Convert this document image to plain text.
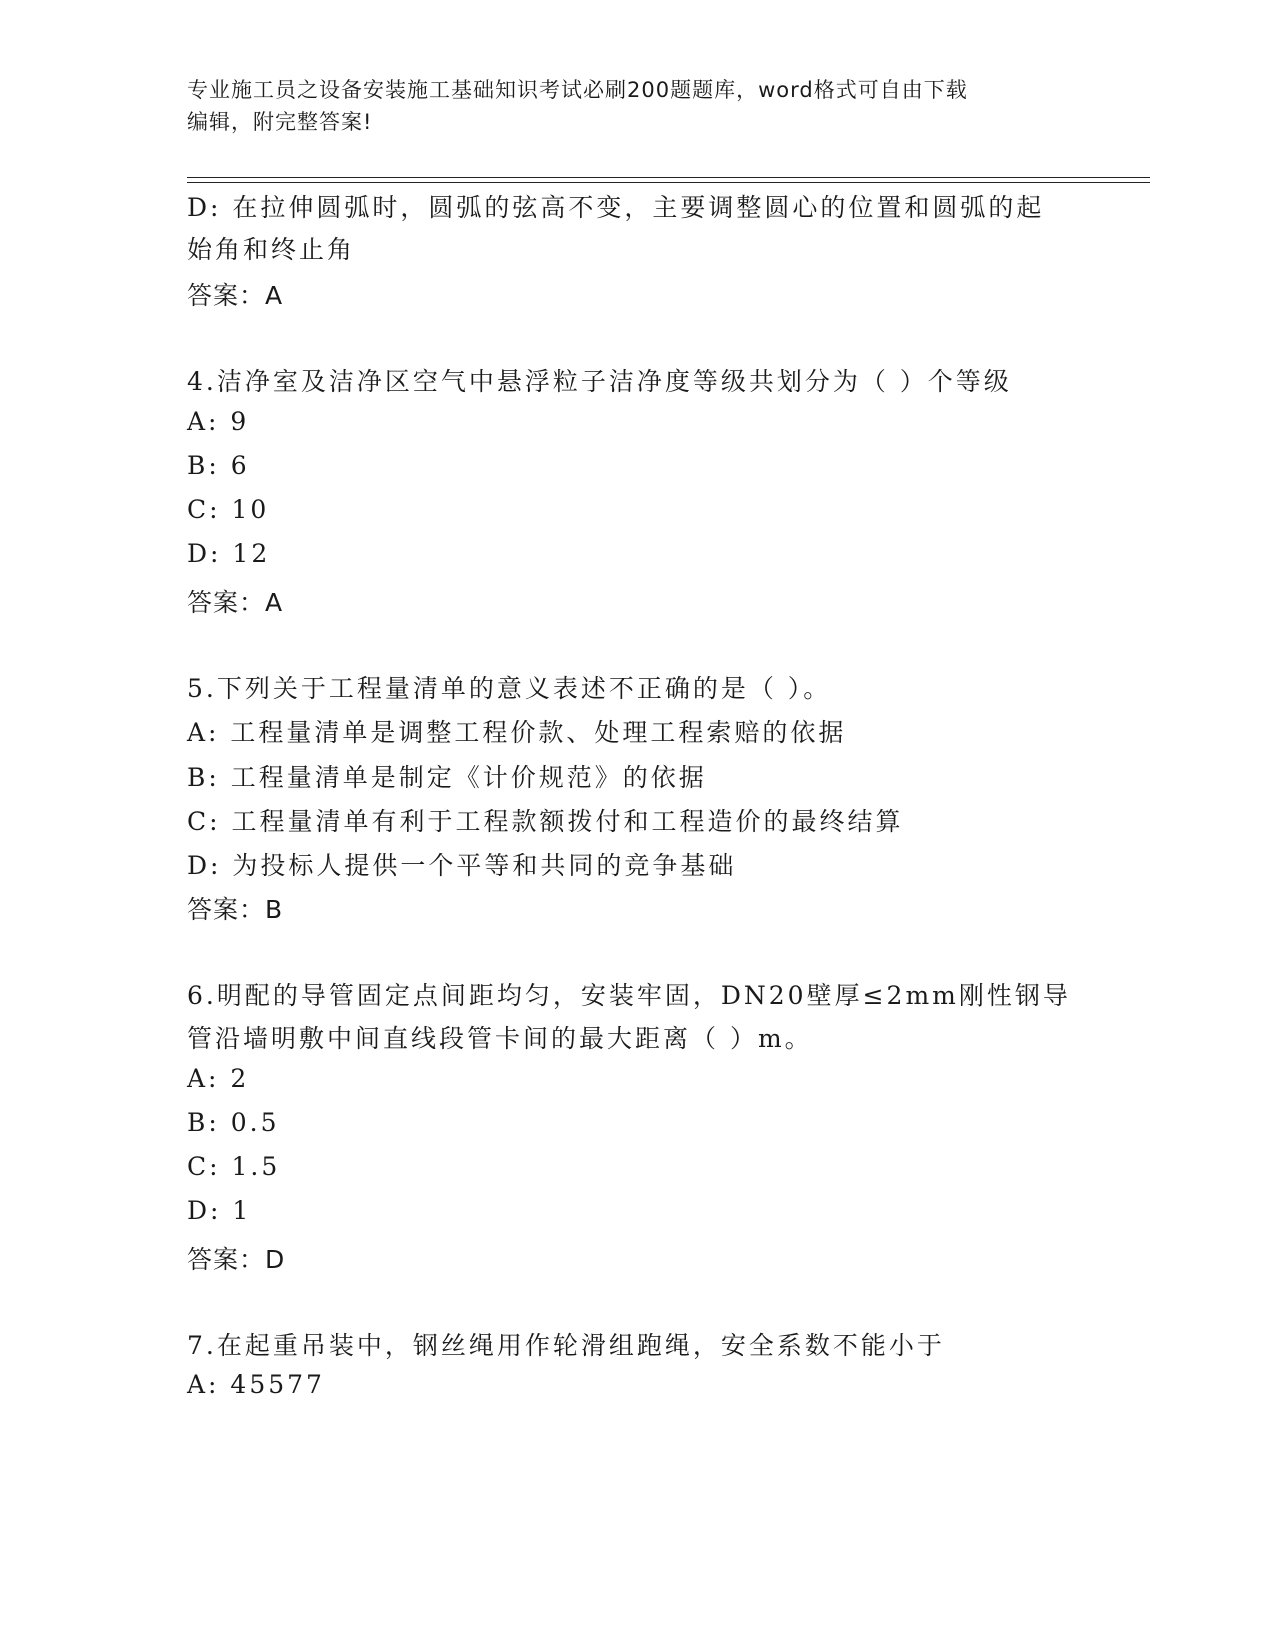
专业施工员之设备安装施工基础知识考试必刷200题题库，word格式可自由下载
编辑，附完整答案!
D: 在拉伸圆弧时，圆弧的弦高不变，主要调整圆心的位置和圆弧的起
始角和终止角
答案：A
4.洁净室及洁净区空气中悬浮粒子洁净度等级共划分为（ ）个等级
A: 9
B: 6
C: 10
D: 12
答案：A
5.下列关于工程量清单的意义表述不正确的是（ ）。
A: 工程量清单是调整工程价款、处理工程索赔的依据
B: 工程量清单是制定《计价规范》的依据
C: 工程量清单有利于工程款额拨付和工程造价的最终结算
D: 为投标人提供一个平等和共同的竞争基础
答案：B
6.明配的导管固定点间距均匀，安装牢固，DN20壁厚≤2mm刚性钢导
管沿墙明敷中间直线段管卡间的最大距离（ ）m。
A: 2
B: 0.5
C: 1.5
D: 1
答案：D
7.在起重吊装中，钢丝绳用作轮滑组跑绳，安全系数不能小于
A: 45577
